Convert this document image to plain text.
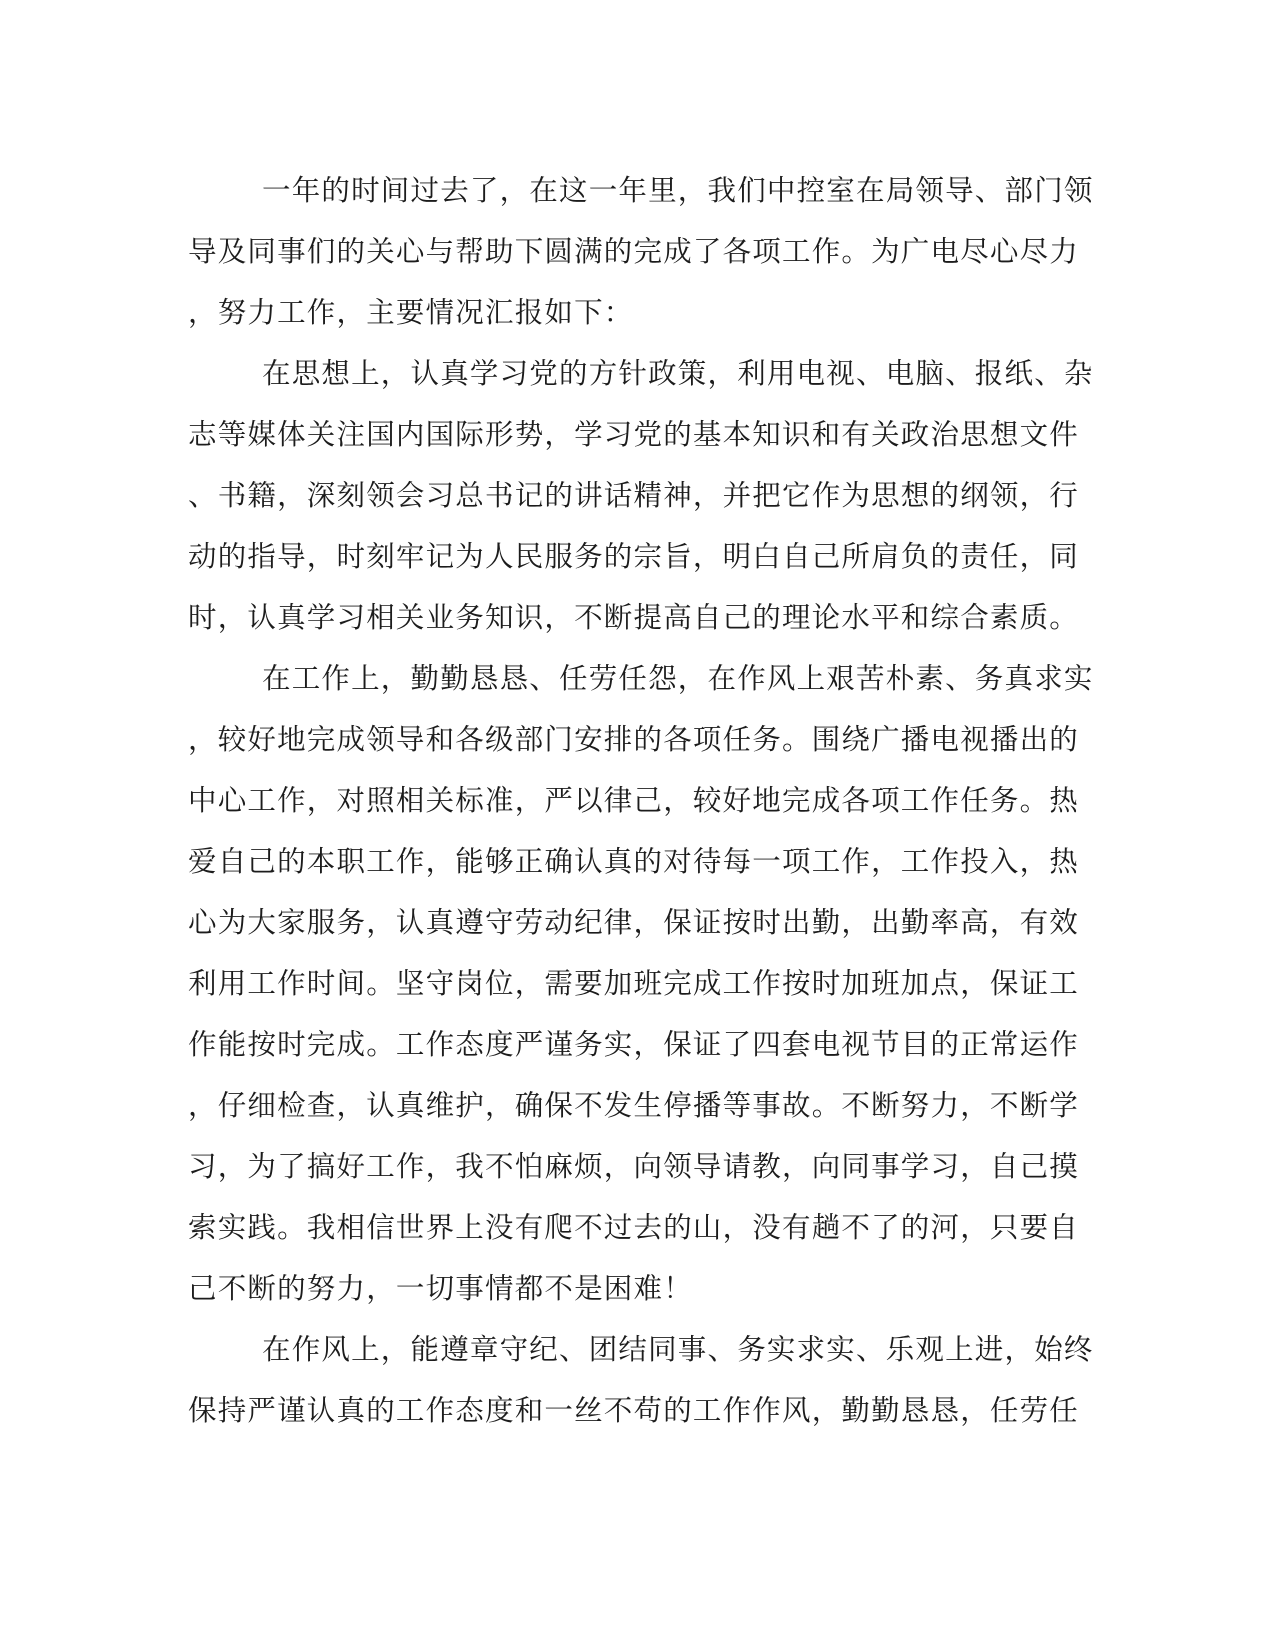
一年的时间过去了，在这一年里，我们中控室在局领导、部门领
导及同事们的关心与帮助下圆满的完成了各项工作。为广电尽心尽力
，努力工作，主要情况汇报如下：
在思想上，认真学习党的方针政策，利用电视、电脑、报纸、杂
志等媒体关注国内国际形势，学习党的基本知识和有关政治思想文件
、书籍，深刻领会习总书记的讲话精神，并把它作为思想的纲领，行
动的指导，时刻牢记为人民服务的宗旨，明白自己所肩负的责任，同
时，认真学习相关业务知识，不断提高自己的理论水平和综合素质。
在工作上，勤勤恳恳、任劳任怨，在作风上艰苦朴素、务真求实
，较好地完成领导和各级部门安排的各项任务。围绕广播电视播出的
中心工作，对照相关标准，严以律己，较好地完成各项工作任务。热
爱自己的本职工作，能够正确认真的对待每一项工作，工作投入，热
心为大家服务，认真遵守劳动纪律，保证按时出勤，出勤率高，有效
利用工作时间。坚守岗位，需要加班完成工作按时加班加点，保证工
作能按时完成。工作态度严谨务实，保证了四套电视节目的正常运作
，仔细检查，认真维护，确保不发生停播等事故。不断努力，不断学
习，为了搞好工作，我不怕麻烦，向领导请教，向同事学习，自己摸
索实践。我相信世界上没有爬不过去的山，没有趟不了的河，只要自
己不断的努力，一切事情都不是困难！
在作风上，能遵章守纪、团结同事、务实求实、乐观上进，始终
保持严谨认真的工作态度和一丝不苟的工作作风，勤勤恳恳，任劳任
